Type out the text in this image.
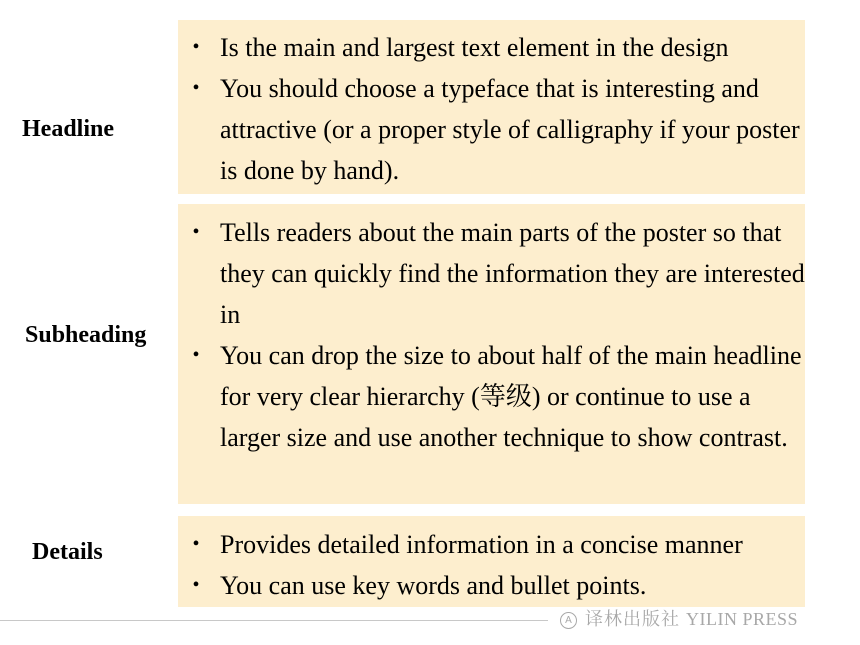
Headline
• Is the main and largest text element in the design
• You should choose a typeface that is interesting and attractive (or a proper style of calligraphy if your poster is done by hand).
Subheading
• Tells readers about the main parts of the poster so that they can quickly find the information they are interested in
• You can drop the size to about half of the main headline for very clear hierarchy (等级) or continue to use a larger size and use another technique to show contrast.
Details	• Provides detailed information in a concise manner
• You can use key words and bullet points.
A 译林出版社 YILIN PRESS
